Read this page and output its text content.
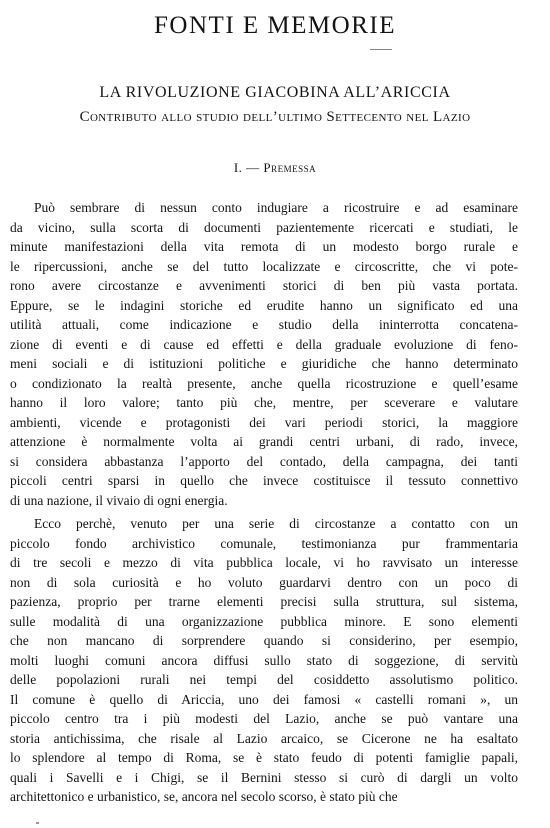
FONTI E MEMORIE
LA RIVOLUZIONE GIACOBINA ALL’ARICCIA
Contributo allo studio dell’ultimo Settecento nel Lazio
I. — Premessa
Può sembrare di nessun conto indugiare a ricostruire e ad esaminare
da vicino, sulla scorta di documenti pazientemente ricercati e studiati, le
minute manifestazioni della vita remota di un modesto borgo rurale e
le ripercussioni, anche se del tutto localizzate e circoscritte, che vi pote-
rono avere circostanze e avvenimenti storici di ben più vasta portata.
Eppure, se le indagini storiche ed erudite hanno un significato ed una
utilità attuali, come indicazione e studio della ininterrotta concatena-
zione di eventi e di cause ed effetti e della graduale evoluzione di feno-
meni sociali e di istituzioni politiche e giuridiche che hanno determinato
o condizionato la realtà presente, anche quella ricostruzione e quell’esame
hanno il loro valore; tanto più che, mentre, per sceverare e valutare
ambienti, vicende e protagonisti dei vari periodi storici, la maggiore
attenzione è normalmente volta ai grandi centri urbani, di rado, invece,
si considera abbastanza l’apporto del contado, della campagna, dei tanti
piccoli centri sparsi in quello che invece costituisce il tessuto connettivo
di una nazione, il vivaio di ogni energia.
Ecco perchè, venuto per una serie di circostanze a contatto con un
piccolo fondo archivistico comunale, testimonianza pur frammentaria
di tre secoli e mezzo di vita pubblica locale, vi ho ravvisato un interesse
non di sola curiosità e ho voluto guardarvi dentro con un poco di
pazienza, proprio per trarne elementi precisi sulla struttura, sul sistema,
sulle modalità di una organizzazione pubblica minore. E sono elementi
che non mancano di sorprendere quando si considerino, per esempio,
molti luoghi comuni ancora diffusi sullo stato di soggezione, di servitù
delle popolazioni rurali nei tempi del cosiddetto assolutismo politico.
Il comune è quello di Ariccia, uno dei famosi « castelli romani », un
piccolo centro tra i più modesti del Lazio, anche se può vantare una
storia antichissima, che risale al Lazio arcaico, se Cicerone ne ha esaltato
lo splendore al tempo di Roma, se è stato feudo di potenti famiglie papali,
quali i Savelli e i Chigi, se il Bernini stesso si curò di dargli un volto
architettonico e urbanistico, se, ancora nel secolo scorso, è stato più che
